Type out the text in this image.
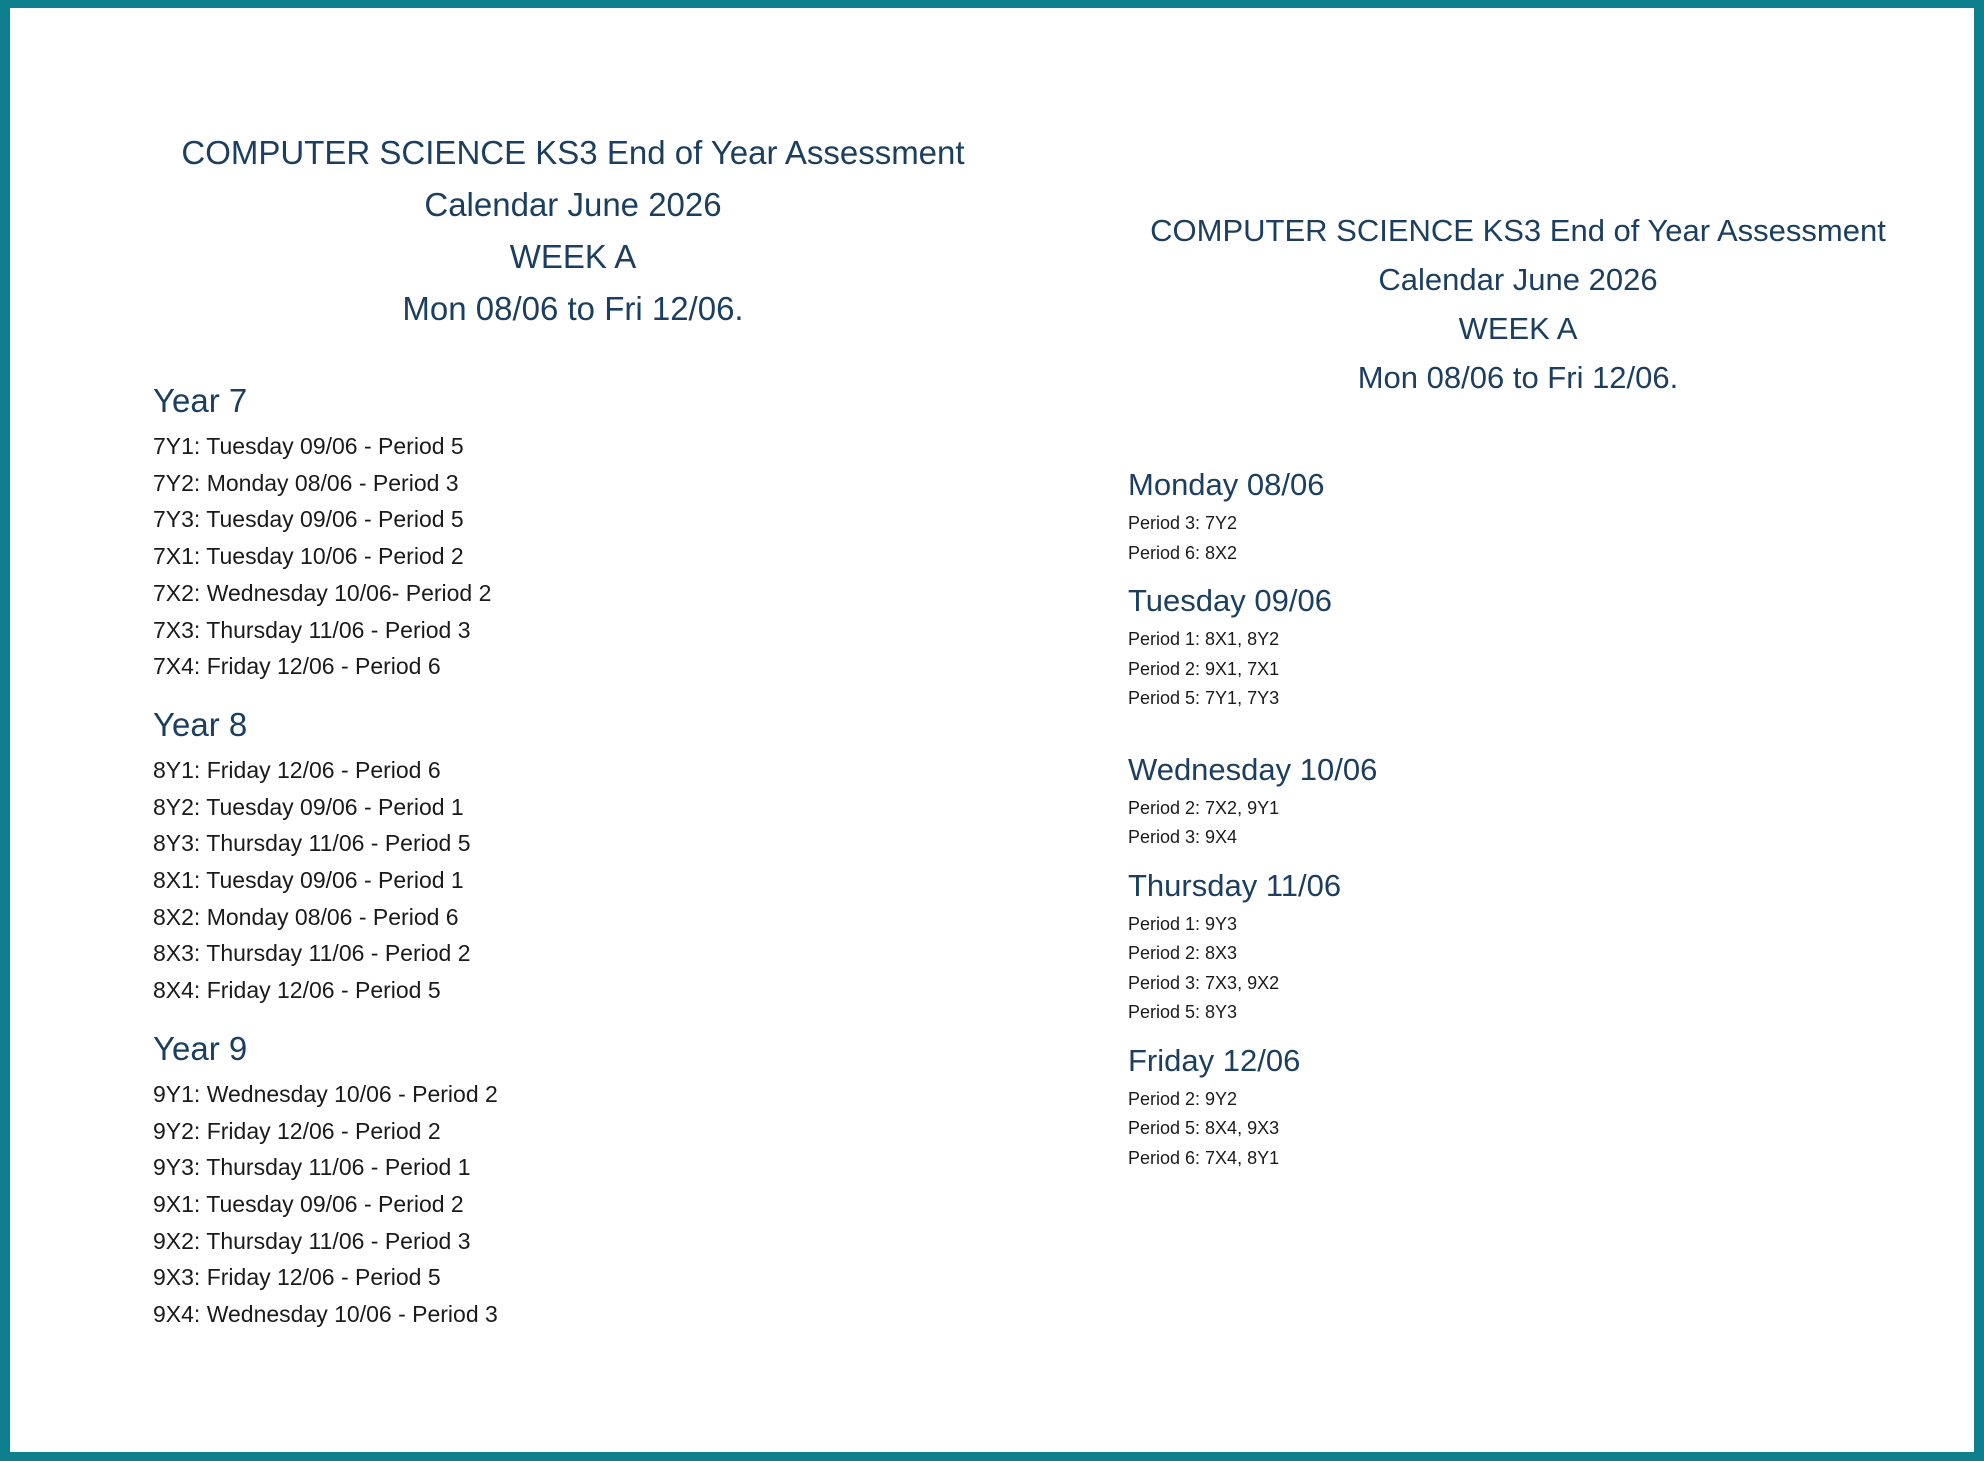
COMPUTER SCIENCE KS3 End of Year Assessment
Calendar June 2026
WEEK A
Mon 08/06 to Fri 12/06.
Year 7
7Y1: Tuesday 09/06 - Period 5
7Y2: Monday 08/06 - Period 3
7Y3: Tuesday 09/06 - Period 5
7X1: Tuesday 10/06 - Period 2
7X2: Wednesday 10/06- Period 2
7X3: Thursday 11/06 - Period 3
7X4: Friday 12/06 - Period 6
Year 8
8Y1: Friday 12/06 - Period 6
8Y2: Tuesday 09/06 - Period 1
8Y3: Thursday 11/06 - Period 5
8X1: Tuesday 09/06 - Period 1
8X2: Monday 08/06 - Period 6
8X3: Thursday 11/06 - Period 2
8X4: Friday 12/06 - Period 5
Year 9
9Y1: Wednesday 10/06 - Period 2
9Y2: Friday 12/06 - Period 2
9Y3: Thursday 11/06 - Period 1
9X1: Tuesday 09/06 - Period 2
9X2: Thursday 11/06 - Period 3
9X3: Friday 12/06 - Period 5
9X4: Wednesday 10/06 - Period 3
COMPUTER SCIENCE KS3 End of Year Assessment
Calendar June 2026
WEEK A
Mon 08/06 to Fri 12/06.
Monday 08/06
Period 3: 7Y2
Period 6: 8X2
Tuesday 09/06
Period 1: 8X1, 8Y2
Period 2: 9X1, 7X1
Period 5: 7Y1, 7Y3
Wednesday 10/06
Period 2: 7X2, 9Y1
Period 3: 9X4
Thursday 11/06
Period 1: 9Y3
Period 2: 8X3
Period 3: 7X3, 9X2
Period 5: 8Y3
Friday 12/06
Period 2: 9Y2
Period 5: 8X4, 9X3
Period 6: 7X4, 8Y1
